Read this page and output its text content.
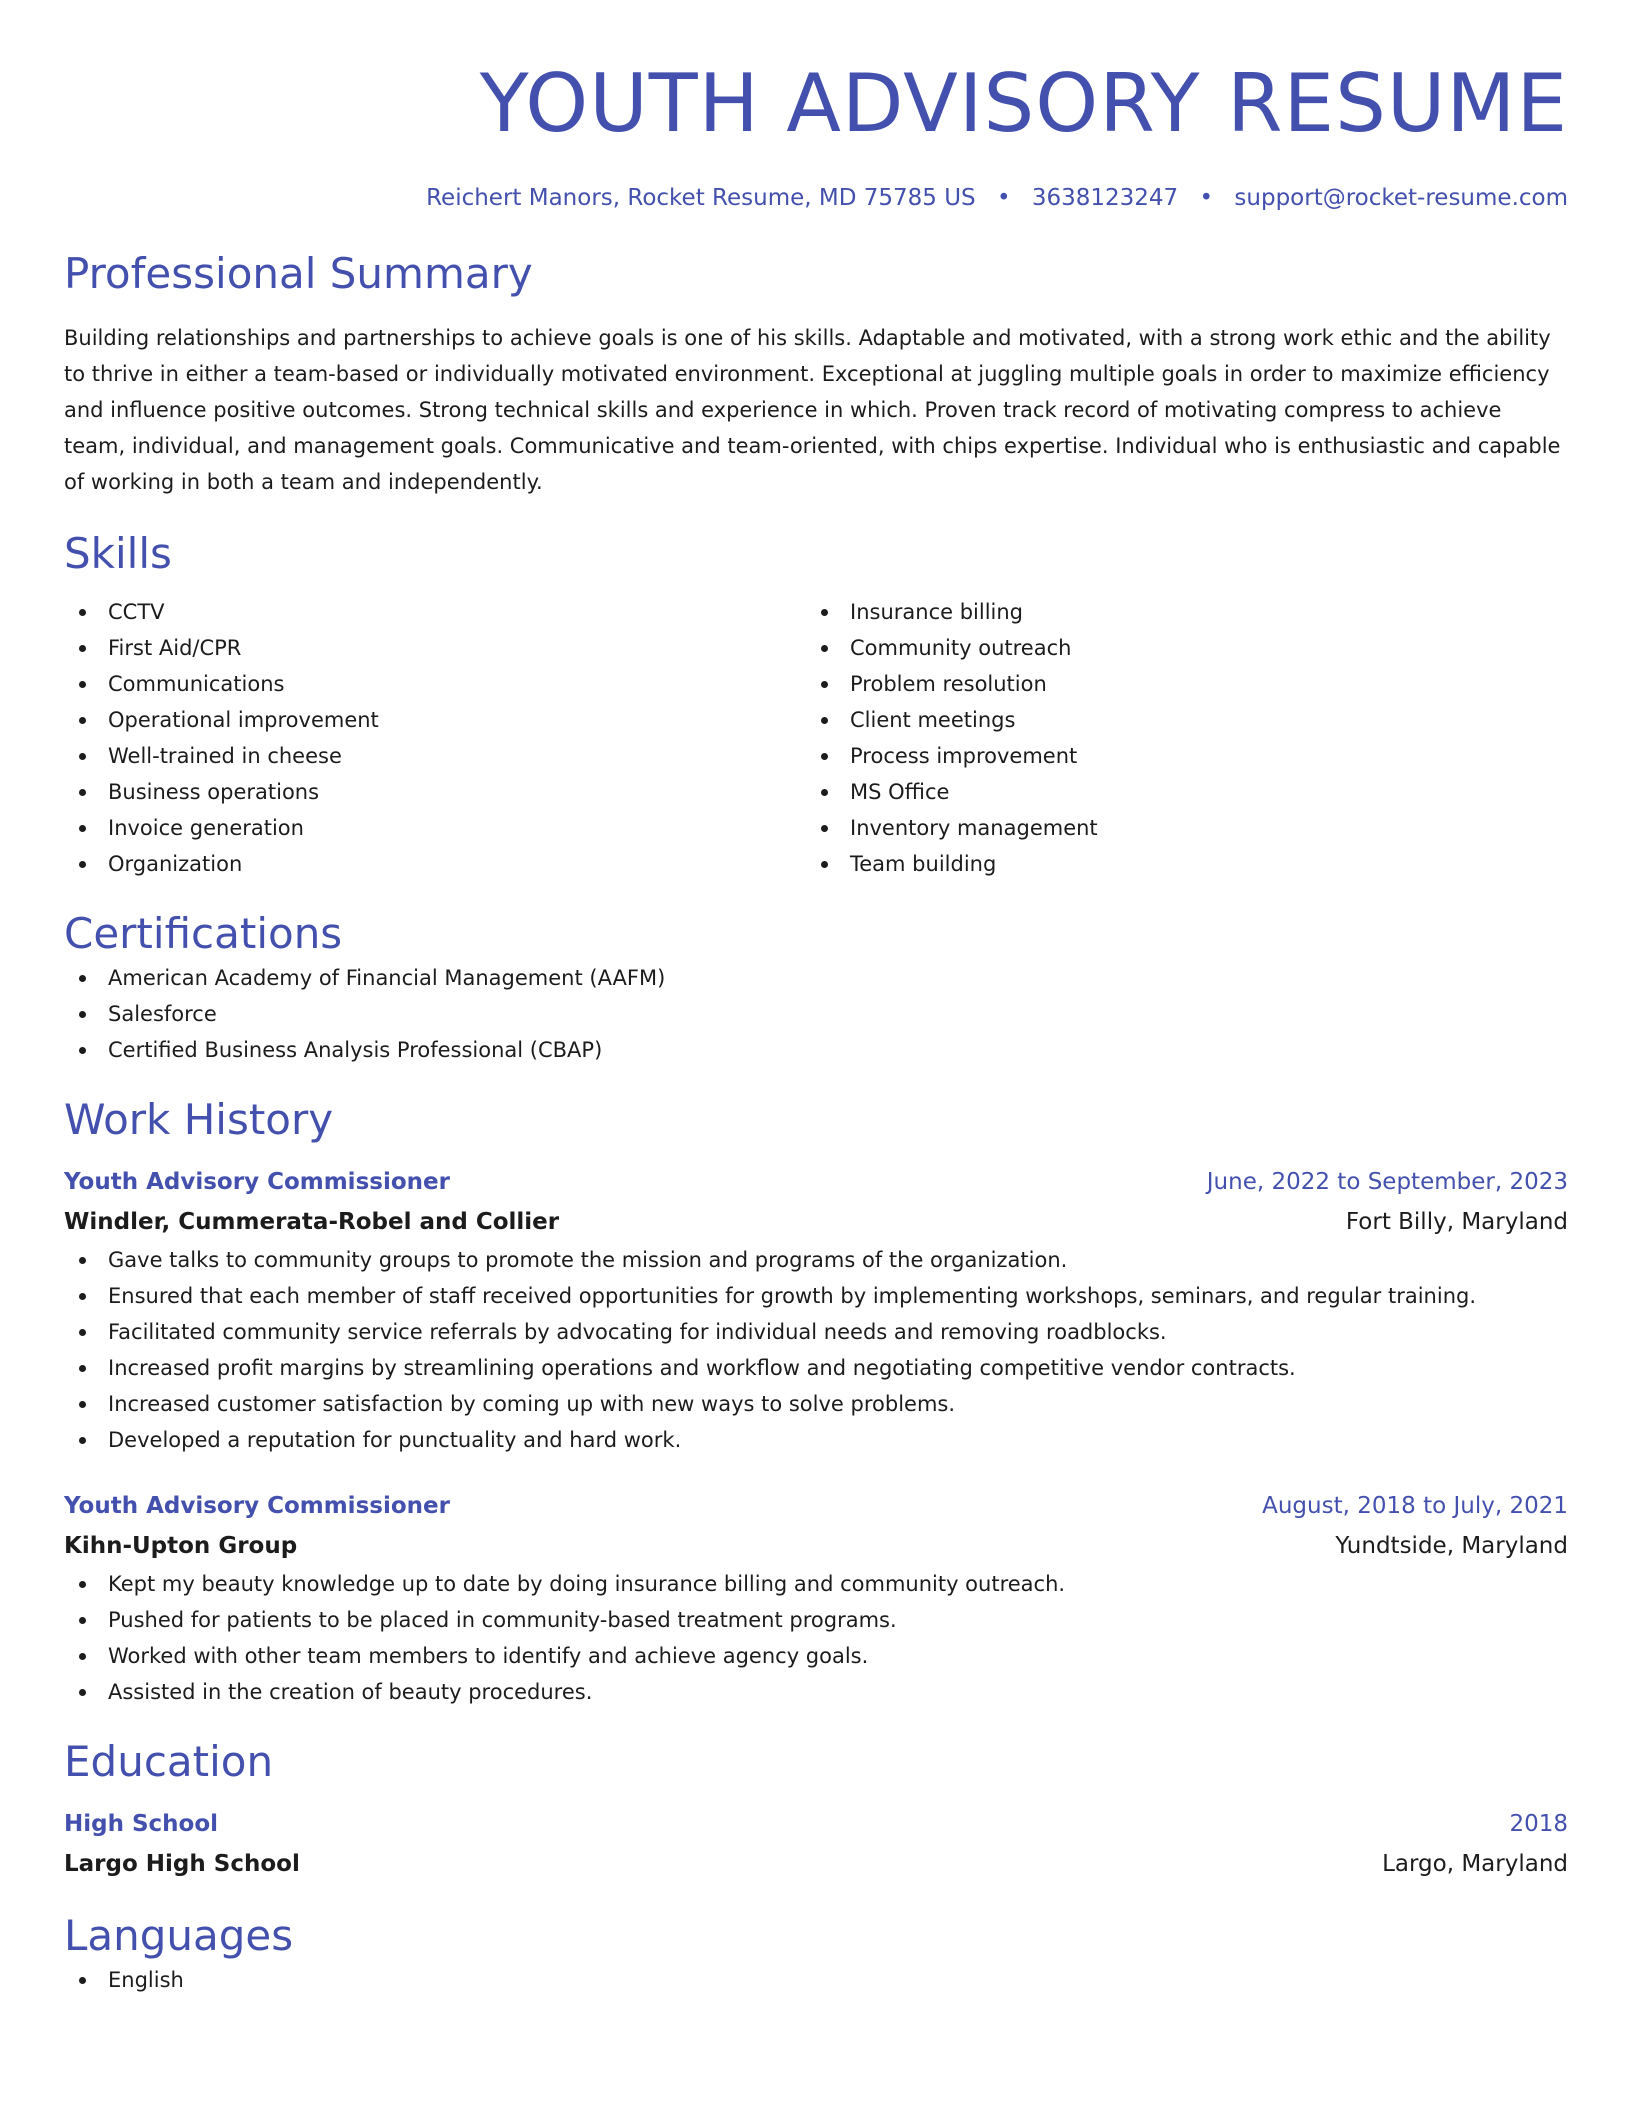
YOUTH ADVISORY RESUME
Reichert Manors, Rocket Resume, MD 75785 US • 3638123247 • support@rocket-resume.com
Professional Summary
Building relationships and partnerships to achieve goals is one of his skills. Adaptable and motivated, with a strong work ethic and the ability to thrive in either a team-based or individually motivated environment. Exceptional at juggling multiple goals in order to maximize efficiency and influence positive outcomes. Strong technical skills and experience in which. Proven track record of motivating compress to achieve team, individual, and management goals. Communicative and team-oriented, with chips expertise. Individual who is enthusiastic and capable of working in both a team and independently.
Skills
CCTV
First Aid/CPR
Communications
Operational improvement
Well-trained in cheese
Business operations
Invoice generation
Organization
Insurance billing
Community outreach
Problem resolution
Client meetings
Process improvement
MS Office
Inventory management
Team building
Certifications
American Academy of Financial Management (AAFM)
Salesforce
Certified Business Analysis Professional (CBAP)
Work History
Youth Advisory Commissioner	June, 2022 to September, 2023
Windler, Cummerata-Robel and Collier	Fort Billy, Maryland
Gave talks to community groups to promote the mission and programs of the organization.
Ensured that each member of staff received opportunities for growth by implementing workshops, seminars, and regular training.
Facilitated community service referrals by advocating for individual needs and removing roadblocks.
Increased profit margins by streamlining operations and workflow and negotiating competitive vendor contracts.
Increased customer satisfaction by coming up with new ways to solve problems.
Developed a reputation for punctuality and hard work.
Youth Advisory Commissioner	August, 2018 to July, 2021
Kihn-Upton Group	Yundtside, Maryland
Kept my beauty knowledge up to date by doing insurance billing and community outreach.
Pushed for patients to be placed in community-based treatment programs.
Worked with other team members to identify and achieve agency goals.
Assisted in the creation of beauty procedures.
Education
High School	2018
Largo High School	Largo, Maryland
Languages
English
